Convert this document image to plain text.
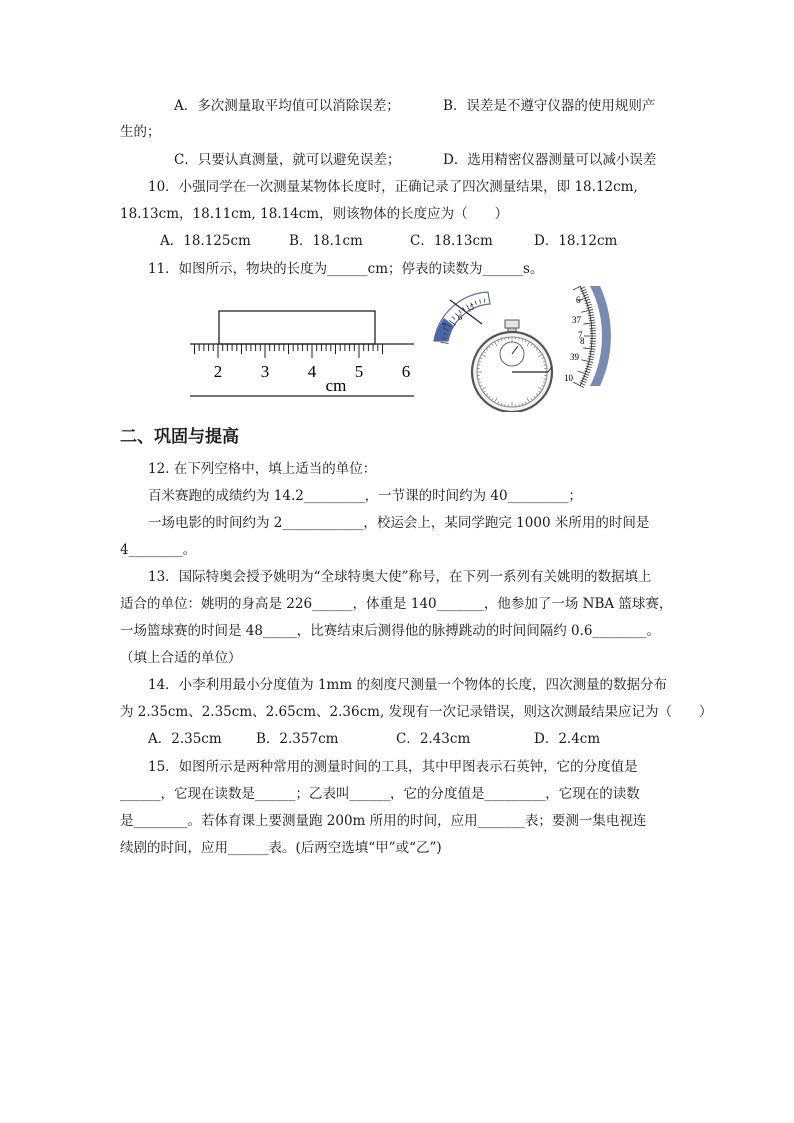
A．多次测量取平均值可以消除误差；	B．误差是不遵守仪器的使用规则产
生的；
C．只要认真测量，就可以避免误差；	D．选用精密仪器测量可以减小误差
10．小强同学在一次测量某物体长度时，正确记录了四次测量结果，即 18.12cm,
18.13cm，18.11cm, 18.14cm，则该物体的长度应为（　　）
A．18.125cm	B．18.1cm	C．18.13cm	D．18.12cm
11．如图所示，物块的长度为______cm；停表的读数为______s。
2 3 4 5 6
cm
5
6
7
6
37
7
8
39
10
二、巩固与提高
12. 在下列空格中，填上适当的单位：
百米赛跑的成绩约为 14.2_________，一节课的时间约为 40_________；
一场电影的时间约为 2____________，校运会上，某同学跑完 1000 米所用的时间是
4________。
13．国际特奥会授予姚明为“全球特奥大使”称号，在下列一系列有关姚明的数据填上
适合的单位：姚明的身高是 226______，体重是 140_______，他参加了一场 NBA 篮球赛，
一场篮球赛的时间是 48_____，比赛结束后测得他的脉搏跳动的时间间隔约 0.6________。
（填上合适的单位）
14．小李利用最小分度值为 1mm 的刻度尺测量一个物体的长度，四次测量的数据分布
为 2.35cm、2.35cm、2.65cm、2.36cm, 发现有一次记录错误，则这次测最结果应记为（　　）
A．2.35cm	B．2.357cm	C．2.43cm	D．2.4cm
15．如图所示是两种常用的测量时间的工具，其中甲图表示石英钟，它的分度值是
______，它现在读数是______；乙表叫______，它的分度值是_________，它现在的读数
是________。若体育课上要测量跑 200m 所用的时间，应用_______表；要测一集电视连
续剧的时间，应用______表。(后两空选填“甲”或“乙”)
